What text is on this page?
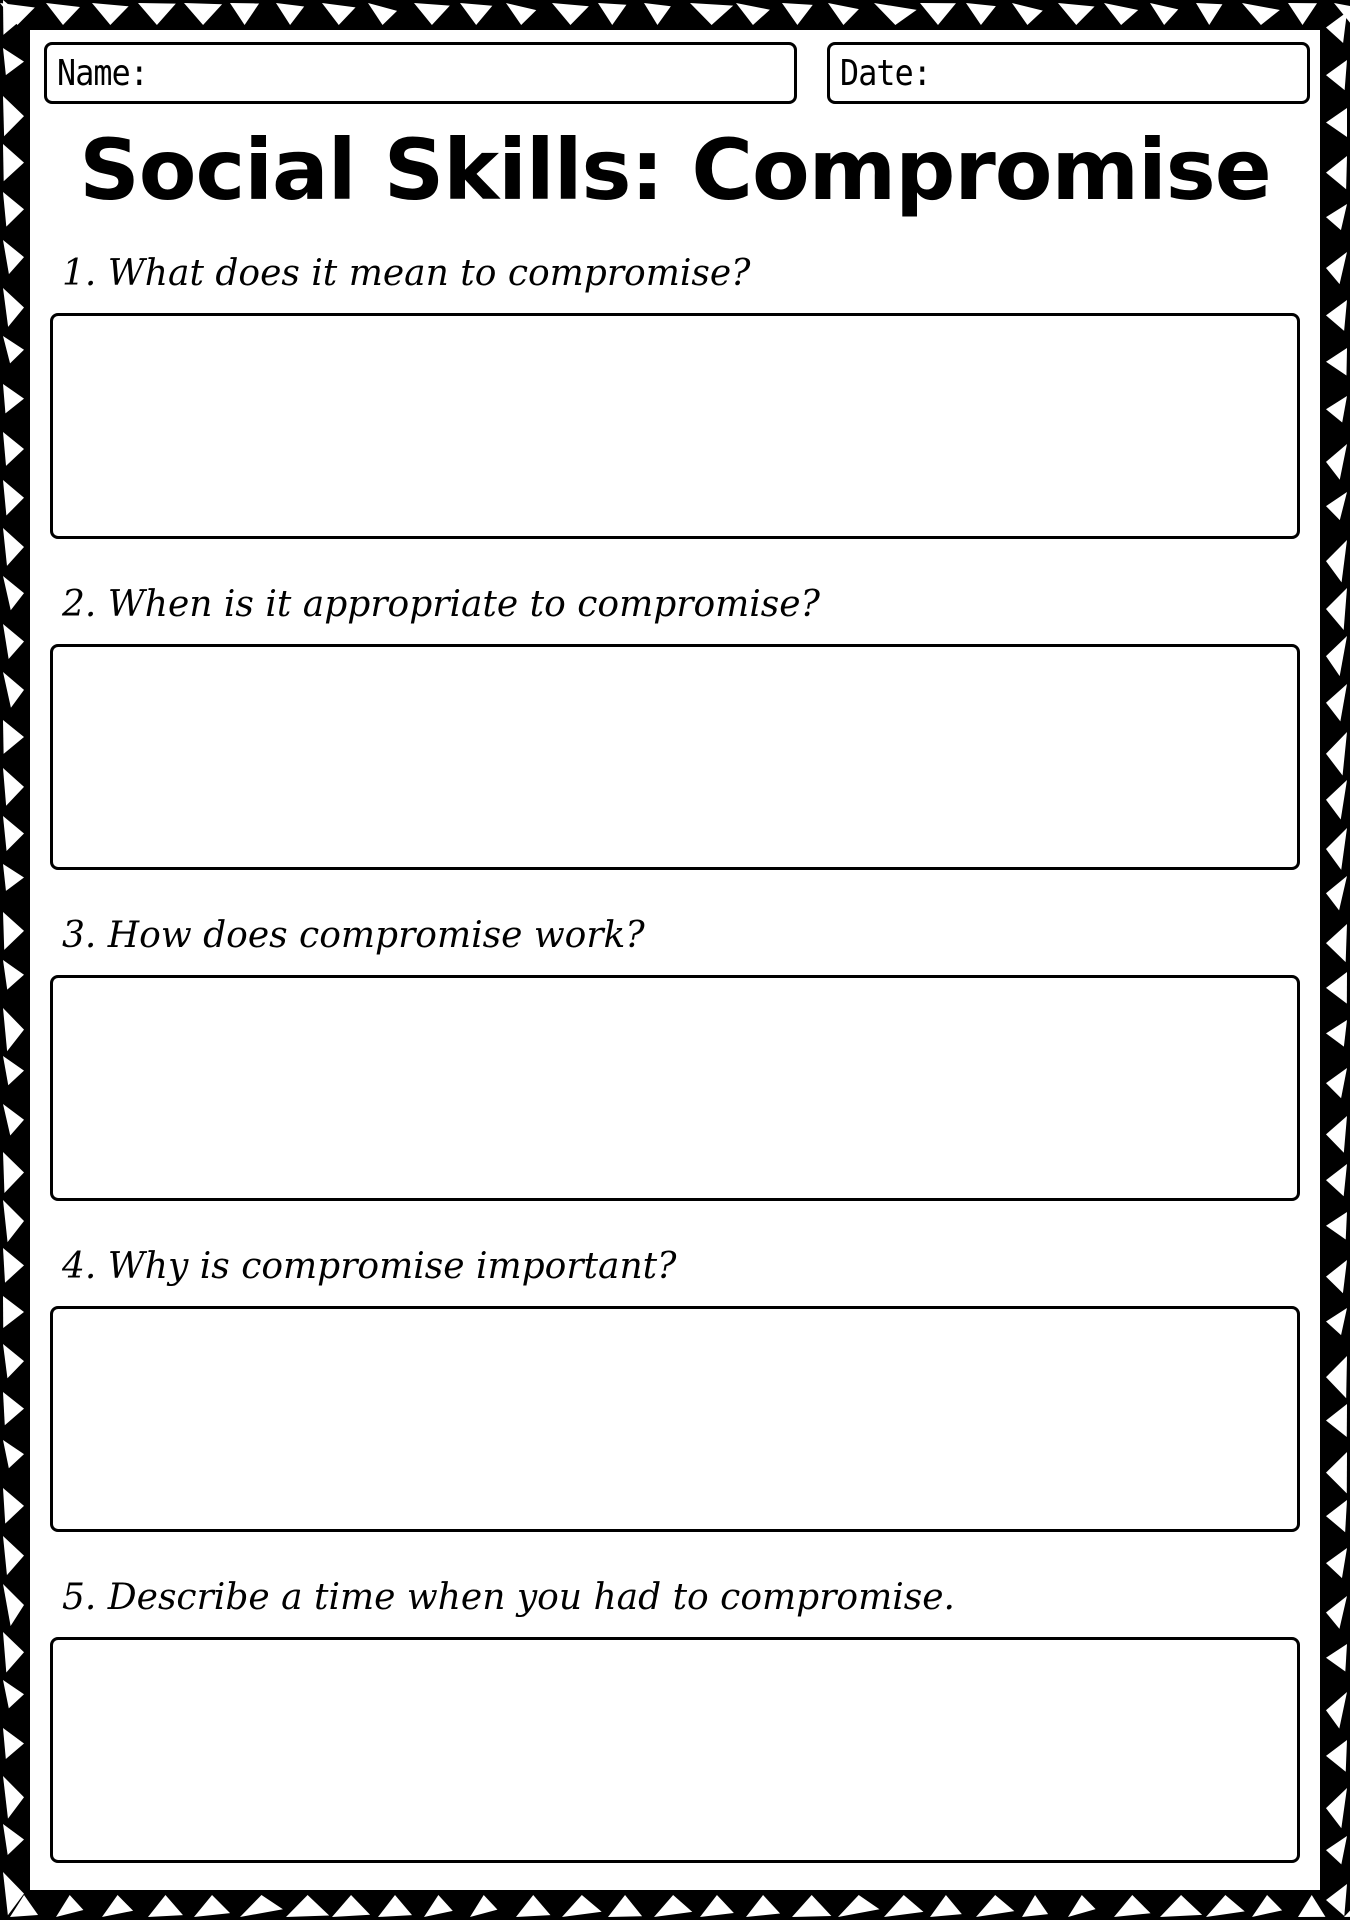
Name:	Date:
Social Skills: Compromise
1. What does it mean to compromise?
2. When is it appropriate to compromise?
3. How does compromise work?
4. Why is compromise important?
5. Describe a time when you had to compromise.
